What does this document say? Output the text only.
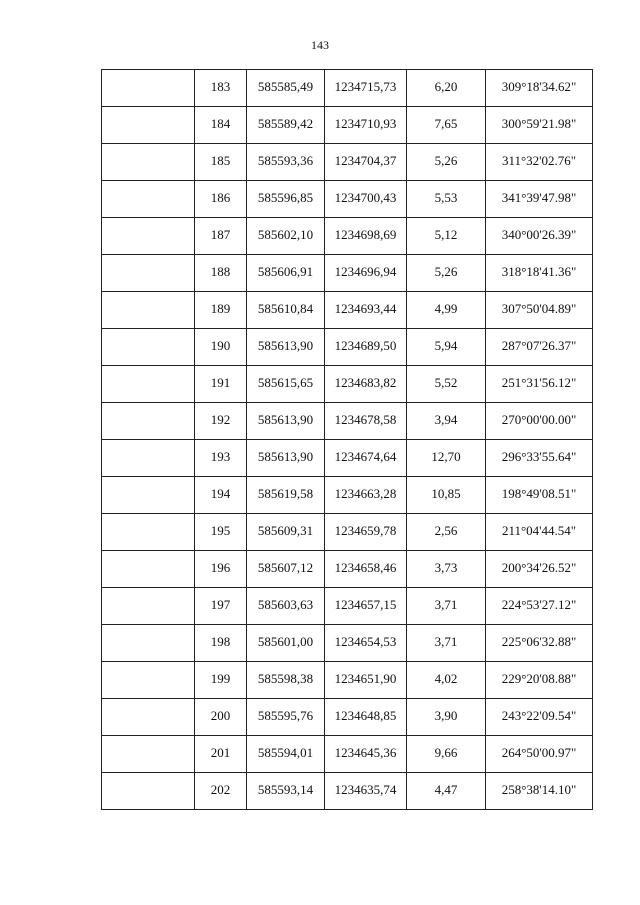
143
	183	585585,49	1234715,73	6,20	309°18'34.62"
	184	585589,42	1234710,93	7,65	300°59'21.98"
	185	585593,36	1234704,37	5,26	311°32'02.76"
	186	585596,85	1234700,43	5,53	341°39'47.98"
	187	585602,10	1234698,69	5,12	340°00'26.39"
	188	585606,91	1234696,94	5,26	318°18'41.36"
	189	585610,84	1234693,44	4,99	307°50'04.89"
	190	585613,90	1234689,50	5,94	287°07'26.37"
	191	585615,65	1234683,82	5,52	251°31'56.12"
	192	585613,90	1234678,58	3,94	270°00'00.00"
	193	585613,90	1234674,64	12,70	296°33'55.64"
	194	585619,58	1234663,28	10,85	198°49'08.51"
	195	585609,31	1234659,78	2,56	211°04'44.54"
	196	585607,12	1234658,46	3,73	200°34'26.52"
	197	585603,63	1234657,15	3,71	224°53'27.12"
	198	585601,00	1234654,53	3,71	225°06'32.88"
	199	585598,38	1234651,90	4,02	229°20'08.88"
	200	585595,76	1234648,85	3,90	243°22'09.54"
	201	585594,01	1234645,36	9,66	264°50'00.97"
	202	585593,14	1234635,74	4,47	258°38'14.10"
